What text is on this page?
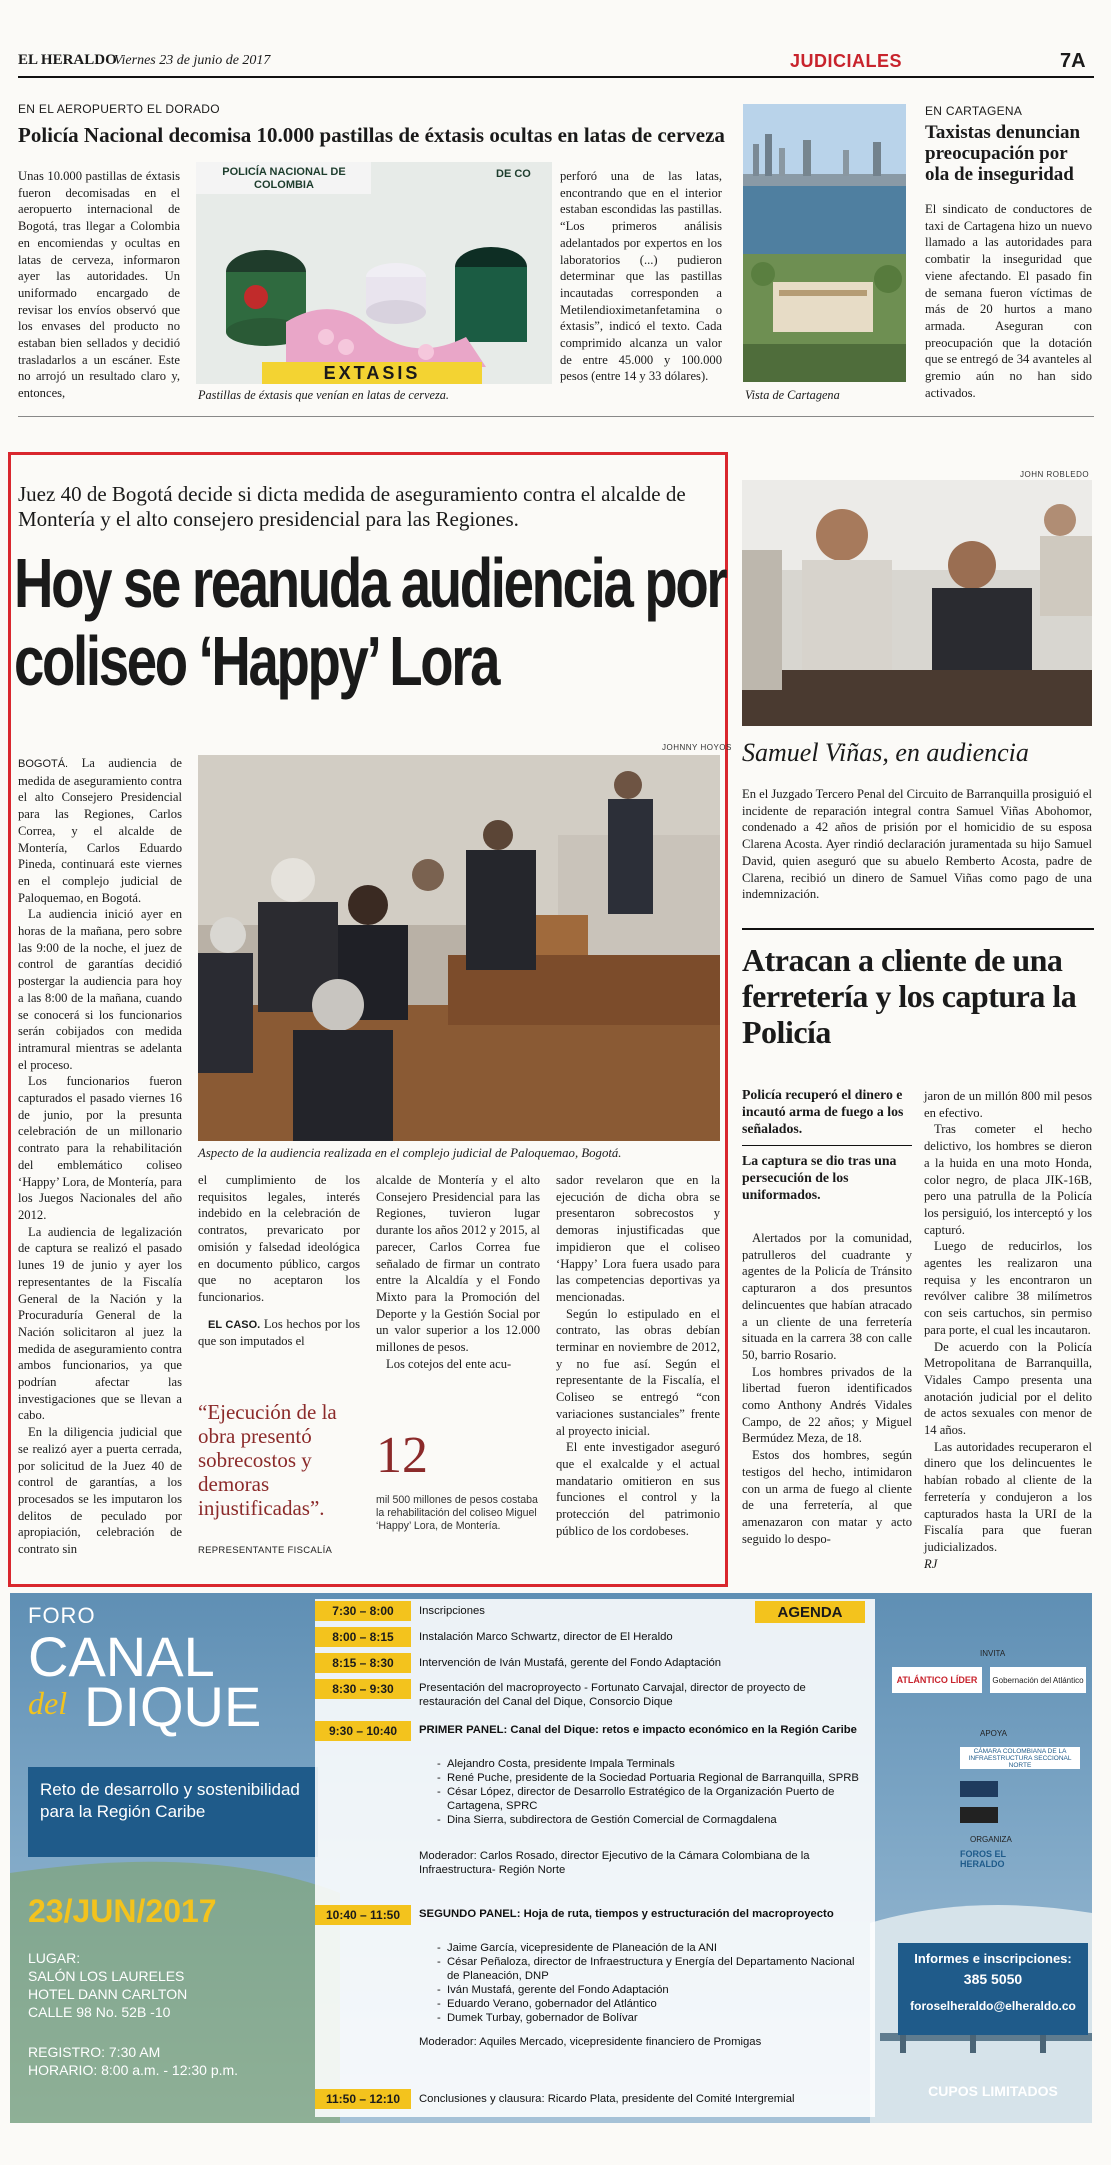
EL HERALDO
Viernes 23 de junio de 2017	JUDICIALES	7A
EN EL AEROPUERTO EL DORADO
Policía Nacional decomisa 10.000 pastillas de éxtasis ocultas en latas de cerveza
Unas 10.000 pastillas de éxtasis fueron decomisadas en el aeropuerto internacional de Bogotá, tras llegar a Colombia en encomiendas y ocultas en latas de cerveza, informaron ayer las autoridades. Un uniformado encargado de revisar los envíos observó que los envases del producto no estaban bien sellados y decidió trasladarlos a un escáner. Este no arrojó un resultado claro y, entonces,
POLICÍA NACIONAL DE COLOMBIA
DE CO
EXTASIS
Pastillas de éxtasis que venían en latas de cerveza.
perforó una de las latas, encontrando que en el interior estaban escondidas las pastillas. “Los primeros análisis adelantados por expertos en los laboratorios (...) pudieron determinar que las pastillas incautadas corresponden a Metilendioximetanfetamina o éxtasis”, indicó el texto. Cada comprimido alcanza un valor de entre 45.000 y 100.000 pesos (entre 14 y 33 dólares).
Vista de Cartagena
EN CARTAGENA
Taxistas denuncian preocupación por ola de inseguridad
El sindicato de conductores de taxi de Cartagena hizo un nuevo llamado a las autoridades para combatir la inseguridad que viene afectando. El pasado fin de semana fueron víctimas de más de 20 hurtos a mano armada. Aseguran con preocupación que la dotación que se entregó de 34 avanteles al gremio aún no han sido activados.
Juez 40 de Bogotá decide si dicta medida de aseguramiento contra el alcalde de Montería y el alto consejero presidencial para las Regiones.
Hoy se reanuda audiencia por coliseo ‘Happy’ Lora
BOGOTÁ. La audiencia de medida de aseguramiento contra el alto Consejero Presidencial para las Regiones, Carlos Correa, y el alcalde de Montería, Carlos Eduardo Pineda, continuará este viernes en el complejo judicial de Paloquemao, en Bogotá.
La audiencia inició ayer en horas de la mañana, pero sobre las 9:00 de la noche, el juez de control de garantías decidió postergar la audiencia para hoy a las 8:00 de la mañana, cuando se conocerá si los funcionarios serán cobijados con medida intramural mientras se adelanta el proceso.
Los funcionarios fueron capturados el pasado viernes 16 de junio, por la presunta celebración de un millonario contrato para la rehabilitación del emblemático coliseo ‘Happy’ Lora, de Montería, para los Juegos Nacionales del año 2012.
La audiencia de legalización de captura se realizó el pasado lunes 19 de junio y ayer los representantes de la Fiscalía General de la Nación y la Procuraduría General de la Nación solicitaron al juez la medida de aseguramiento contra ambos funcionarios, ya que podrían afectar las investigaciones que se llevan a cabo.
En la diligencia judicial que se realizó ayer a puerta cerrada, por solicitud de la Juez 40 de control de garantías, a los procesados se les imputaron los delitos de peculado por apropiación, celebración de contrato sin
JOHNNY HOYOS
Aspecto de la audiencia realizada en el complejo judicial de Paloquemao, Bogotá.
el cumplimiento de los requisitos legales, interés indebido en la celebración de contratos, prevaricato por omisión y falsedad ideológica en documento público, cargos que no aceptaron los funcionarios.
EL CASO. Los hechos por los que son imputados el
“Ejecución de la obra presentó sobrecostos y demoras injustificadas”.
REPRESENTANTE FISCALÍA
alcalde de Montería y el alto Consejero Presidencial para las Regiones, tuvieron lugar durante los años 2012 y 2015, al parecer, Carlos Correa fue señalado de firmar un contrato entre la Alcaldía y el Fondo Mixto para la Promoción del Deporte y la Gestión Social por un valor superior a los 12.000 millones de pesos.
Los cotejos del ente acu-
12
mil 500 millones de pesos costaba la rehabilitación del coliseo Miguel ‘Happy’ Lora, de Montería.
sador revelaron que en la ejecución de dicha obra se presentaron sobrecostos y demoras injustificadas que impidieron que el coliseo ‘Happy’ Lora fuera usado para las competencias deportivas ya mencionadas.
Según lo estipulado en el contrato, las obras debían terminar en noviembre de 2012, y no fue así. Según el representante de la Fiscalía, el Coliseo se entregó “con variaciones sustanciales” frente al proyecto inicial.
El ente investigador aseguró que el exalcalde y el actual mandatario omitieron en sus funciones el control y la protección del patrimonio público de los cordobeses.
JOHN ROBLEDO
Samuel Viñas, en audiencia
En el Juzgado Tercero Penal del Circuito de Barranquilla prosiguió el incidente de reparación integral contra Samuel Viñas Abohomor, condenado a 42 años de prisión por el homicidio de su esposa Clarena Acosta. Ayer rindió declaración juramentada su hijo Samuel David, quien aseguró que su abuelo Remberto Acosta, padre de Clarena, recibió un dinero de Samuel Viñas como pago de una indemnización.
Atracan a cliente de una ferretería y los captura la Policía
Policía recuperó el dinero e incautó arma de fuego a los señalados.
La captura se dio tras una persecución de los uniformados.
Alertados por la comunidad, patrulleros del cuadrante y agentes de la Policía de Tránsito capturaron a dos presuntos delincuentes que habían atracado a un cliente de una ferretería situada en la carrera 38 con calle 50, barrio Rosario.
Los hombres privados de la libertad fueron identificados como Anthony Andrés Vidales Campo, de 22 años; y Miguel Bermúdez Meza, de 18.
Estos dos hombres, según testigos del hecho, intimidaron con un arma de fuego al cliente de una ferretería, al que amenazaron con matar y acto seguido lo despo-
jaron de un millón 800 mil pesos en efectivo.
Tras cometer el hecho delictivo, los hombres se dieron a la huida en una moto Honda, color negro, de placa JIK-16B, pero una patrulla de la Policía los persiguió, los interceptó y los capturó.
Luego de reducirlos, los agentes les realizaron una requisa y les encontraron un revólver calibre 38 milímetros con seis cartuchos, sin permiso para porte, el cual les incautaron.
De acuerdo con la Policía Metropolitana de Barranquilla, Vidales Campo presenta una anotación judicial por el delito de actos sexuales con menor de 14 años.
Las autoridades recuperaron el dinero que los delincuentes le habían robado al cliente de la ferretería y condujeron a los capturados hasta la URI de la Fiscalía para que fueran judicializados.
RJ
FORO
CANAL
del DIQUE
Reto de desarrollo y sostenibilidad para la Región Caribe
23/JUN/2017
LUGAR:
SALÓN LOS LAURELES
HOTEL DANN CARLTON
CALLE 98 No. 52B -10
REGISTRO: 7:30 AM
HORARIO: 8:00 a.m. - 12:30 p.m.
AGENDA
7:30 – 8:00	Inscripciones
8:00 – 8:15	Instalación Marco Schwartz, director de El Heraldo
8:15 – 8:30	Intervención de Iván Mustafá, gerente del Fondo Adaptación
8:30 – 9:30	Presentación del macroproyecto - Fortunato Carvajal, director de proyecto de restauración del Canal del Dique, Consorcio Dique
9:30 – 10:40	PRIMER PANEL: Canal del Dique: retos e impacto económico en la Región Caribe
- Alejandro Costa, presidente Impala Terminals
- René Puche, presidente de la Sociedad Portuaria Regional de Barranquilla, SPRB
- César López, director de Desarrollo Estratégico de la Organización Puerto de Cartagena, SPRC
- Dina Sierra, subdirectora de Gestión Comercial de Cormagdalena
Moderador: Carlos Rosado, director Ejecutivo de la Cámara Colombiana de la Infraestructura- Región Norte
10:40 – 11:50	SEGUNDO PANEL: Hoja de ruta, tiempos y estructuración del macroproyecto
- Jaime García, vicepresidente de Planeación de la ANI
- César Peñaloza, director de Infraestructura y Energía del Departamento Nacional de Planeación, DNP
- Iván Mustafá, gerente del Fondo Adaptación
- Eduardo Verano, gobernador del Atlántico
- Dumek Turbay, gobernador de Bolívar
Moderador: Aquiles Mercado, vicepresidente financiero de Promigas
11:50 – 12:10	Conclusiones y clausura: Ricardo Plata, presidente del Comité Intergremial
INVITA
ATLÁNTICO LÍDER	Gobernación del Atlántico
APOYA
CÁMARA COLOMBIANA DE LA INFRAESTRUCTURA SECCIONAL NORTE
ORGANIZA
FOROS EL HERALDO
Informes e inscripciones:
385 5050
foroselheraldo@elheraldo.co
CUPOS LIMITADOS
